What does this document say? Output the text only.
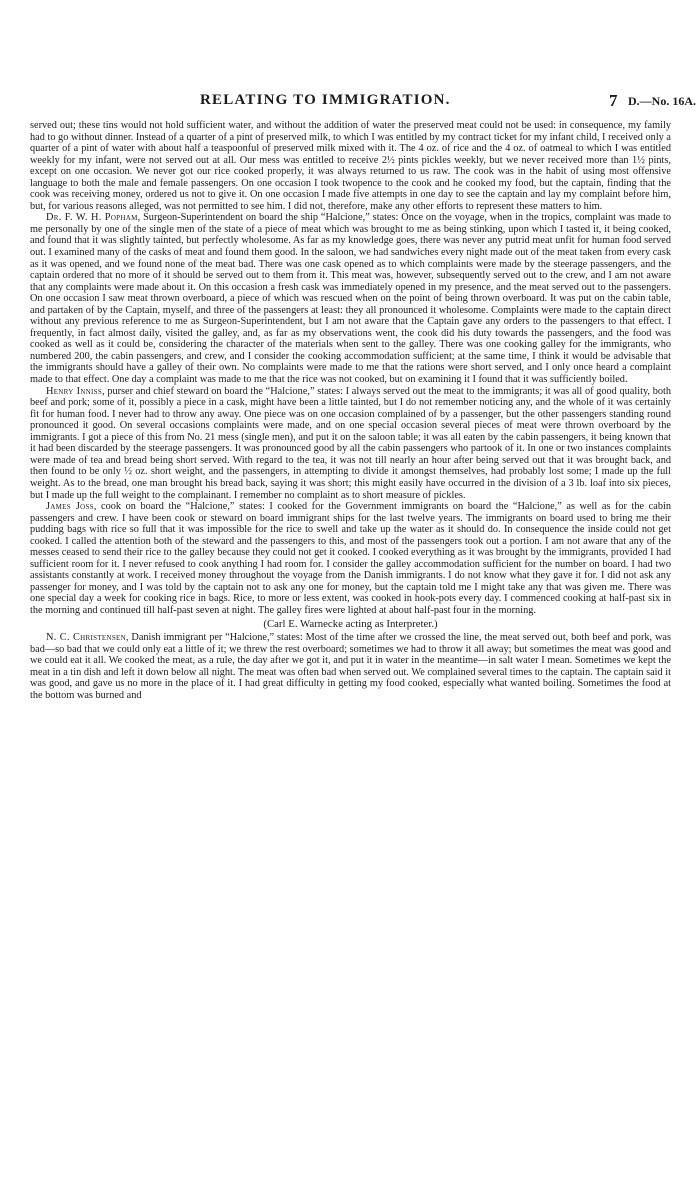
RELATING TO IMMIGRATION.	7 D.—No. 16A.

served out; these tins would not hold sufficient water, and without the addition of water the preserved meat could not be used: in consequence, my family had to go without dinner. Instead of a quarter of a pint of preserved milk, to which I was entitled by my contract ticket for my infant child, I received only a quarter of a pint of water with about half a teaspoonful of preserved milk mixed with it. The 4 oz. of rice and the 4 oz. of oatmeal to which I was entitled weekly for my infant, were not served out at all. Our mess was entitled to receive 2½ pints pickles weekly, but we never received more than 1½ pints, except on one occasion. We never got our rice cooked properly, it was always returned to us raw. The cook was in the habit of using most offensive language to both the male and female passengers. On one occasion I took twopence to the cook and he cooked my food, but the captain, finding that the cook was receiving money, ordered us not to give it. On one occasion I made five attempts in one day to see the captain and lay my complaint before him, but, for various reasons alleged, was not permitted to see him. I did not, therefore, make any other efforts to represent these matters to him.

Dr. F. W. H. Popham, Surgeon-Superintendent on board the ship “Halcione,” states: Once on the voyage, when in the tropics, complaint was made to me personally by one of the single men of the state of a piece of meat which was brought to me as being stinking, upon which I tasted it, it being cooked, and found that it was slightly tainted, but perfectly wholesome. As far as my knowledge goes, there was never any putrid meat unfit for human food served out. I examined many of the casks of meat and found them good. In the saloon, we had sandwiches every night made out of the meat taken from every cask as it was opened, and we found none of the meat bad. There was one cask opened as to which complaints were made by the steerage passengers, and the captain ordered that no more of it should be served out to them from it. This meat was, however, subsequently served out to the crew, and I am not aware that any complaints were made about it. On this occasion a fresh cask was immediately opened in my presence, and the meat served out to the passengers. On one occasion I saw meat thrown overboard, a piece of which was rescued when on the point of being thrown overboard. It was put on the cabin table, and partaken of by the Captain, myself, and three of the passengers at least: they all pronounced it wholesome. Complaints were made to the captain direct without any previous reference to me as Surgeon-Superintendent, but I am not aware that the Captain gave any orders to the passengers to that effect. I frequently, in fact almost daily, visited the galley, and, as far as my observations went, the cook did his duty towards the passengers, and the food was cooked as well as it could be, considering the character of the materials when sent to the galley. There was one cooking galley for the immigrants, who numbered 200, the cabin passengers, and crew, and I consider the cooking accommodation sufficient; at the same time, I think it would be advisable that the immigrants should have a galley of their own. No complaints were made to me that the rations were short served, and I only once heard a complaint made to that effect. One day a complaint was made to me that the rice was not cooked, but on examining it I found that it was sufficiently boiled.

Henry Inniss, purser and chief steward on board the “Halcione,” states: I always served out the meat to the immigrants; it was all of good quality, both beef and pork; some of it, possibly a piece in a cask, might have been a little tainted, but I do not remember noticing any, and the whole of it was certainly fit for human food. I never had to throw any away. One piece was on one occasion complained of by a passenger, but the other passengers standing round pronounced it good. On several occasions complaints were made, and on one special occasion several pieces of meat were thrown overboard by the immigrants. I got a piece of this from No. 21 mess (single men), and put it on the saloon table; it was all eaten by the cabin passengers, it being known that it had been discarded by the steerage passengers. It was pronounced good by all the cabin passengers who partook of it. In one or two instances complaints were made of tea and bread being short served. With regard to the tea, it was not till nearly an hour after being served out that it was brought back, and then found to be only ½ oz. short weight, and the passengers, in attempting to divide it amongst themselves, had probably lost some; I made up the full weight. As to the bread, one man brought his bread back, saying it was short; this might easily have occurred in the division of a 3 lb. loaf into six pieces, but I made up the full weight to the complainant. I remember no complaint as to short measure of pickles.

James Joss, cook on board the “Halcione,” states: I cooked for the Government immigrants on board the “Halcione,” as well as for the cabin passengers and crew. I have been cook or steward on board immigrant ships for the last twelve years. The immigrants on board used to bring me their pudding bags with rice so full that it was impossible for the rice to swell and take up the water as it should do. In consequence the inside could not get cooked. I called the attention both of the steward and the passengers to this, and most of the passengers took out a portion. I am not aware that any of the messes ceased to send their rice to the galley because they could not get it cooked. I cooked everything as it was brought by the immigrants, provided I had sufficient room for it. I never refused to cook anything I had room for. I consider the galley accommodation sufficient for the number on board. I had two assistants constantly at work. I received money throughout the voyage from the Danish immigrants. I do not know what they gave it for. I did not ask any passenger for money, and I was told by the captain not to ask any one for money, but the captain told me I might take any that was given me. There was one special day a week for cooking rice in bags. Rice, to more or less extent, was cooked in hook-pots every day. I commenced cooking at half-past six in the morning and continued till half-past seven at night. The galley fires were lighted at about half-past four in the morning.

(Carl E. Warnecke acting as Interpreter.)

N. C. Christensen, Danish immigrant per “Halcione,” states: Most of the time after we crossed the line, the meat served out, both beef and pork, was bad—so bad that we could only eat a little of it; we threw the rest overboard; sometimes we had to throw it all away; but sometimes the meat was good and we could eat it all. We cooked the meat, as a rule, the day after we got it, and put it in water in the meantime—in salt water I mean. Sometimes we kept the meat in a tin dish and left it down below all night. The meat was often bad when served out. We complained several times to the captain. The captain said it was good, and gave us no more in the place of it. I had great difficulty in getting my food cooked, especially what wanted boiling. Sometimes the food at the bottom was burned and
